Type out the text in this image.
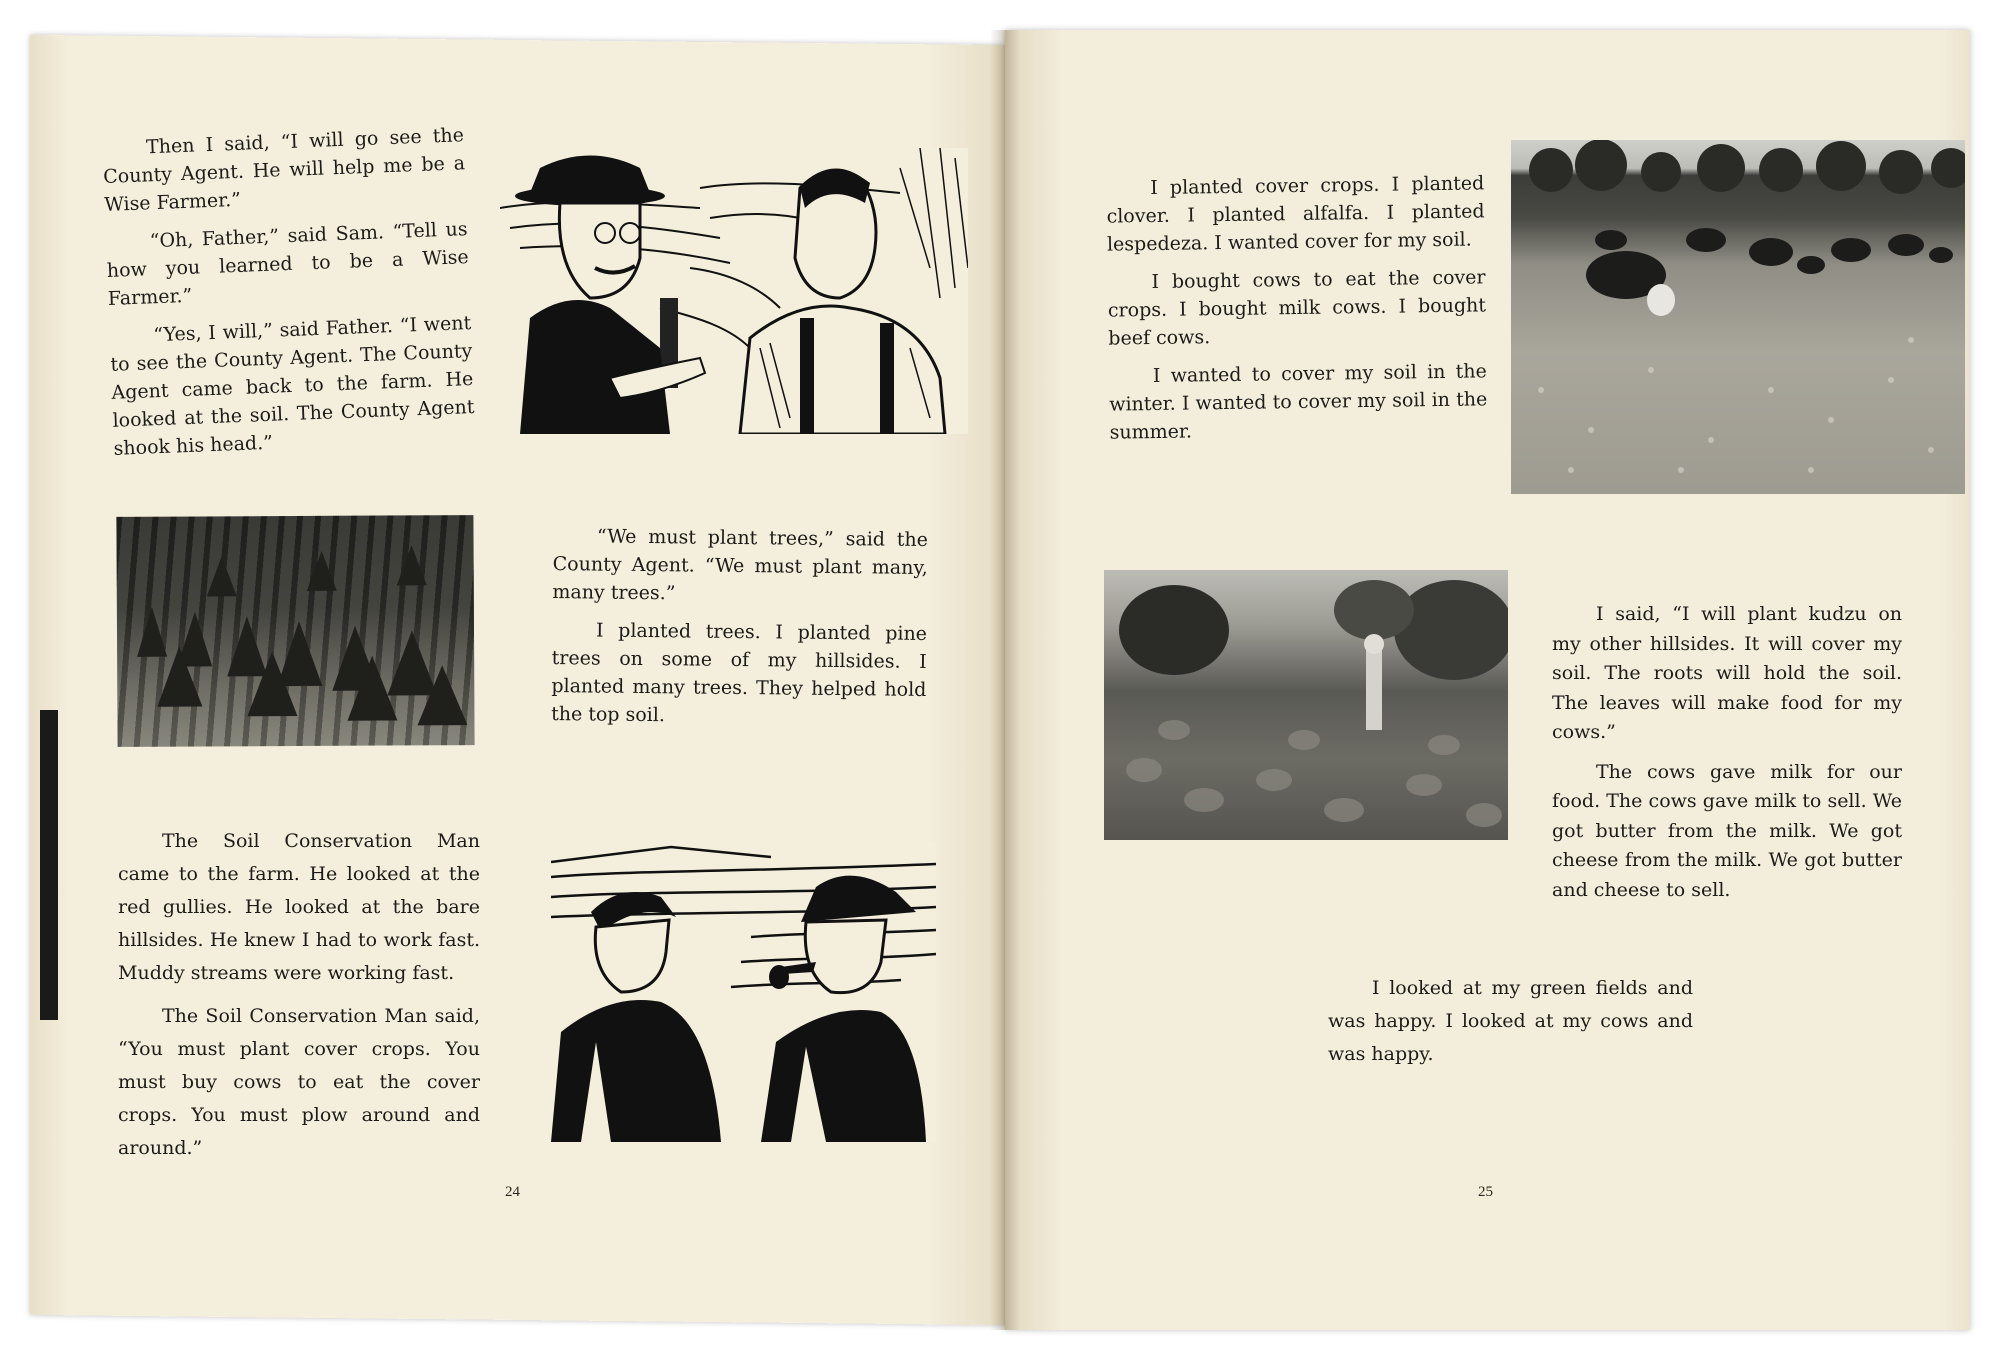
Then I said, “I will go see the County Agent. He will help me be a Wise Farmer.”

“Oh, Father,” said Sam. “Tell us how you learned to be a Wise Farmer.”

“Yes, I will,” said Father. “I went to see the County Agent. The County Agent came back to the farm. He looked at the soil. The County Agent shook his head.”

“We must plant trees,” said the County Agent. “We must plant many, many trees.”

I planted trees. I planted pine trees on some of my hillsides. I planted many trees. They helped hold the top soil.

The Soil Conservation Man came to the farm. He looked at the red gullies. He looked at the bare hillsides. He knew I had to work fast. Muddy streams were working fast.

The Soil Conservation Man said, “You must plant cover crops. You must buy cows to eat the cover crops. You must plow around and around.”

24

I planted cover crops. I planted clover. I planted alfalfa. I planted lespedeza. I wanted cover for my soil.

I bought cows to eat the cover crops. I bought milk cows. I bought beef cows.

I wanted to cover my soil in the winter. I wanted to cover my soil in the summer.

I said, “I will plant kudzu on my other hillsides. It will cover my soil. The roots will hold the soil. The leaves will make food for my cows.”

The cows gave milk for our food. The cows gave milk to sell. We got butter from the milk. We got cheese from the milk. We got butter and cheese to sell.

I looked at my green fields and was happy. I looked at my cows and was happy.

25
